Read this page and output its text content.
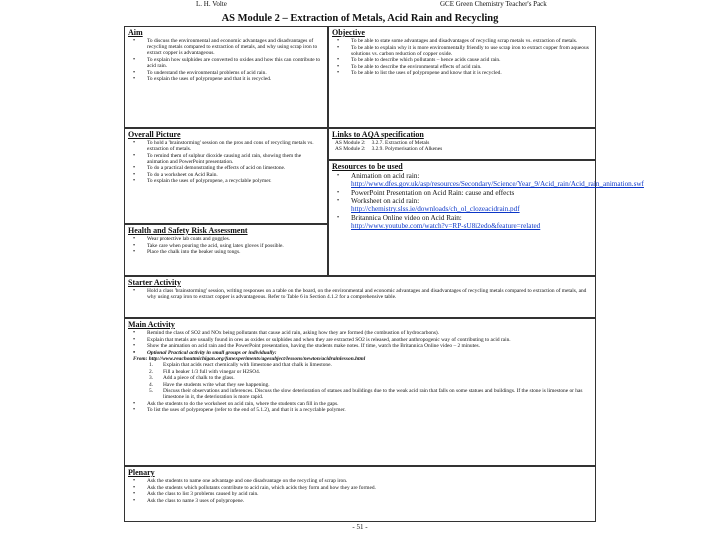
L. H. Volte	GCE Green Chemistry Teacher's Pack
AS Module 2 – Extraction of Metals, Acid Rain and Recycling
Aim
• To discuss the environmental and economic advantages and disadvantages of recycling metals compared to extraction of metals, and why using scrap iron to extract copper is advantageous.
• To explain how sulphides are converted to oxides and how this can contribute to acid rain.
• To understand the environmental problems of acid rain.
• To explain the uses of polypropene and that it is recycled.
Objective
• To be able to state some advantages and disadvantages of recycling scrap metals vs. extraction of metals.
• To be able to explain why it is more environmentally friendly to use scrap iron to extract copper from aqueous solutions vs. carbon reduction of copper oxide.
• To be able to describe which pollutants – hence acids cause acid rain.
• To be able to describe the environmental effects of acid rain.
• To be able to list the uses of polypropene and know that it is recycled.
Overall Picture
• To hold a 'brainstorming' session on the pros and cons of recycling metals vs. extraction of metals.
• To remind them of sulphur dioxide causing acid rain, showing them the animation and PowerPoint presentation.
• To do a practical demonstrating the effects of acid on limestone.
• To do a worksheet on Acid Rain.
• To explain the uses of polypropene, a recyclable polymer.
Links to AQA specification
AS Module 2:	3.2.7. Extraction of Metals
AS Module 2:	3.2.9. Polymerisation of Alkenes
Health and Safety Risk Assessment
• Wear protective lab coats and goggles.
• Take care when pouring the acid, using latex gloves if possible.
• Place the chalk into the beaker using tongs.
Resources to be used
• Animation on acid rain:
http://www.dfes.gov.uk/asp/resources/Secondary/Science/Year_9/Acid_rain/Acid_rain_animation.swf
• PowerPoint Presentation on Acid Rain: cause and effects
• Worksheet on acid rain:
http://chemistry.slss.ie/downloads/ch_ol_clozeacidrain.pdf
• Britannica Online video on Acid Rain:
http://www.youtube.com/watch?v=RP-sU8i2edo&feature=related
Starter Activity
• Hold a class 'brainstorming' session, writing responses on a table on the board, on the environmental and economic advantages and disadvantages of recycling metals compared to extraction of metals, and why using scrap iron to extract copper is advantageous. Refer to Table 6 in Section 4.1.2 for a comprehensive table.
Main Activity
• Remind the class of SO2 and NOx being pollutants that cause acid rain, asking how they are formed (the combustion of hydrocarbons).
• Explain that metals are usually found in ores as oxides or sulphides and when they are extracted SO2 is released, another anthropogenic way of contributing to acid rain.
• Show the animation on acid rain and the PowerPoint presentation, having the students make notes. If time, watch the Britannica Online video – 2 minutes.
• Optional Practical activity in small groups or individually:
From: http://www.reachoutmichigan.org/funexperiments/agesubject/lessons/newton/acidrainlesson.html
1. Explain that acids react chemically with limestone and that chalk is limestone.
2. Fill a beaker 1/3 full with vinegar or H2SO4.
3. Add a piece of chalk to the glass.
4. Have the students write what they see happening.
5. Discuss their observations and inferences. Discuss the slow deterioration of statues and buildings due to the weak acid rain that falls on some statues and buildings. If the stone is limestone or has limestone in it, the deterioration is more rapid.
• Ask the students to do the worksheet on acid rain, where the students can fill in the gaps.
• To list the uses of polypropene (refer to the end of 5.1.2), and that it is a recyclable polymer.
Plenary
• Ask the students to name one advantage and one disadvantage on the recycling of scrap iron.
• Ask the students which pollutants contribute to acid rain, which acids they form and how they are formed.
• Ask the class to list 3 problems caused by acid rain.
• Ask the class to name 3 uses of polypropene.
- 51 -
